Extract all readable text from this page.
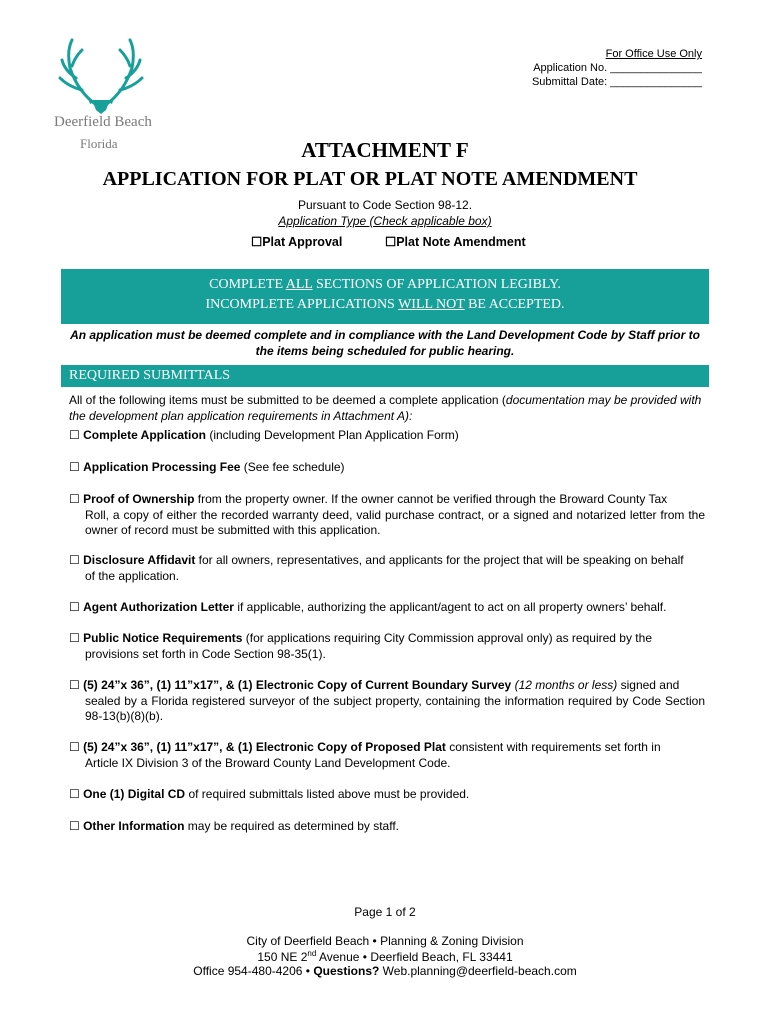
Deerfield Beach
Florida
For Office Use Only
Application No. _______________
Submittal Date: _______________
ATTACHMENT F
APPLICATION FOR PLAT OR PLAT NOTE AMENDMENT
Pursuant to Code Section 98-12.
Application Type (Check applicable box)
☐Plat Approval	☐Plat Note Amendment
COMPLETE ALL SECTIONS OF APPLICATION LEGIBLY.
INCOMPLETE APPLICATIONS WILL NOT BE ACCEPTED.
An application must be deemed complete and in compliance with the Land Development Code by Staff prior to the items being scheduled for public hearing.
REQUIRED SUBMITTALS
All of the following items must be submitted to be deemed a complete application (documentation may be provided with the development plan application requirements in Attachment A):
☐ Complete Application (including Development Plan Application Form)
☐ Application Processing Fee (See fee schedule)
☐ Proof of Ownership from the property owner. If the owner cannot be verified through the Broward County Tax
Roll, a copy of either the recorded warranty deed, valid purchase contract, or a signed and notarized letter from the owner of record must be submitted with this application.
☐ Disclosure Affidavit for all owners, representatives, and applicants for the project that will be speaking on behalf
of the application.
☐ Agent Authorization Letter if applicable, authorizing the applicant/agent to act on all property owners’ behalf.
☐ Public Notice Requirements (for applications requiring City Commission approval only) as required by the
provisions set forth in Code Section 98-35(1).
☐ (5) 24”x 36”, (1) 11”x17”, & (1) Electronic Copy of Current Boundary Survey (12 months or less) signed and
sealed by a Florida registered surveyor of the subject property, containing the information required by Code Section 98-13(b)(8)(b).
☐ (5) 24”x 36”, (1) 11”x17”, & (1) Electronic Copy of Proposed Plat consistent with requirements set forth in
Article IX Division 3 of the Broward County Land Development Code.
☐ One (1) Digital CD of required submittals listed above must be provided.
☐ Other Information may be required as determined by staff.
Page 1 of 2
City of Deerfield Beach • Planning & Zoning Division
150 NE 2nd Avenue • Deerfield Beach, FL 33441
Office 954-480-4206 • Questions? Web.planning@deerfield-beach.com
